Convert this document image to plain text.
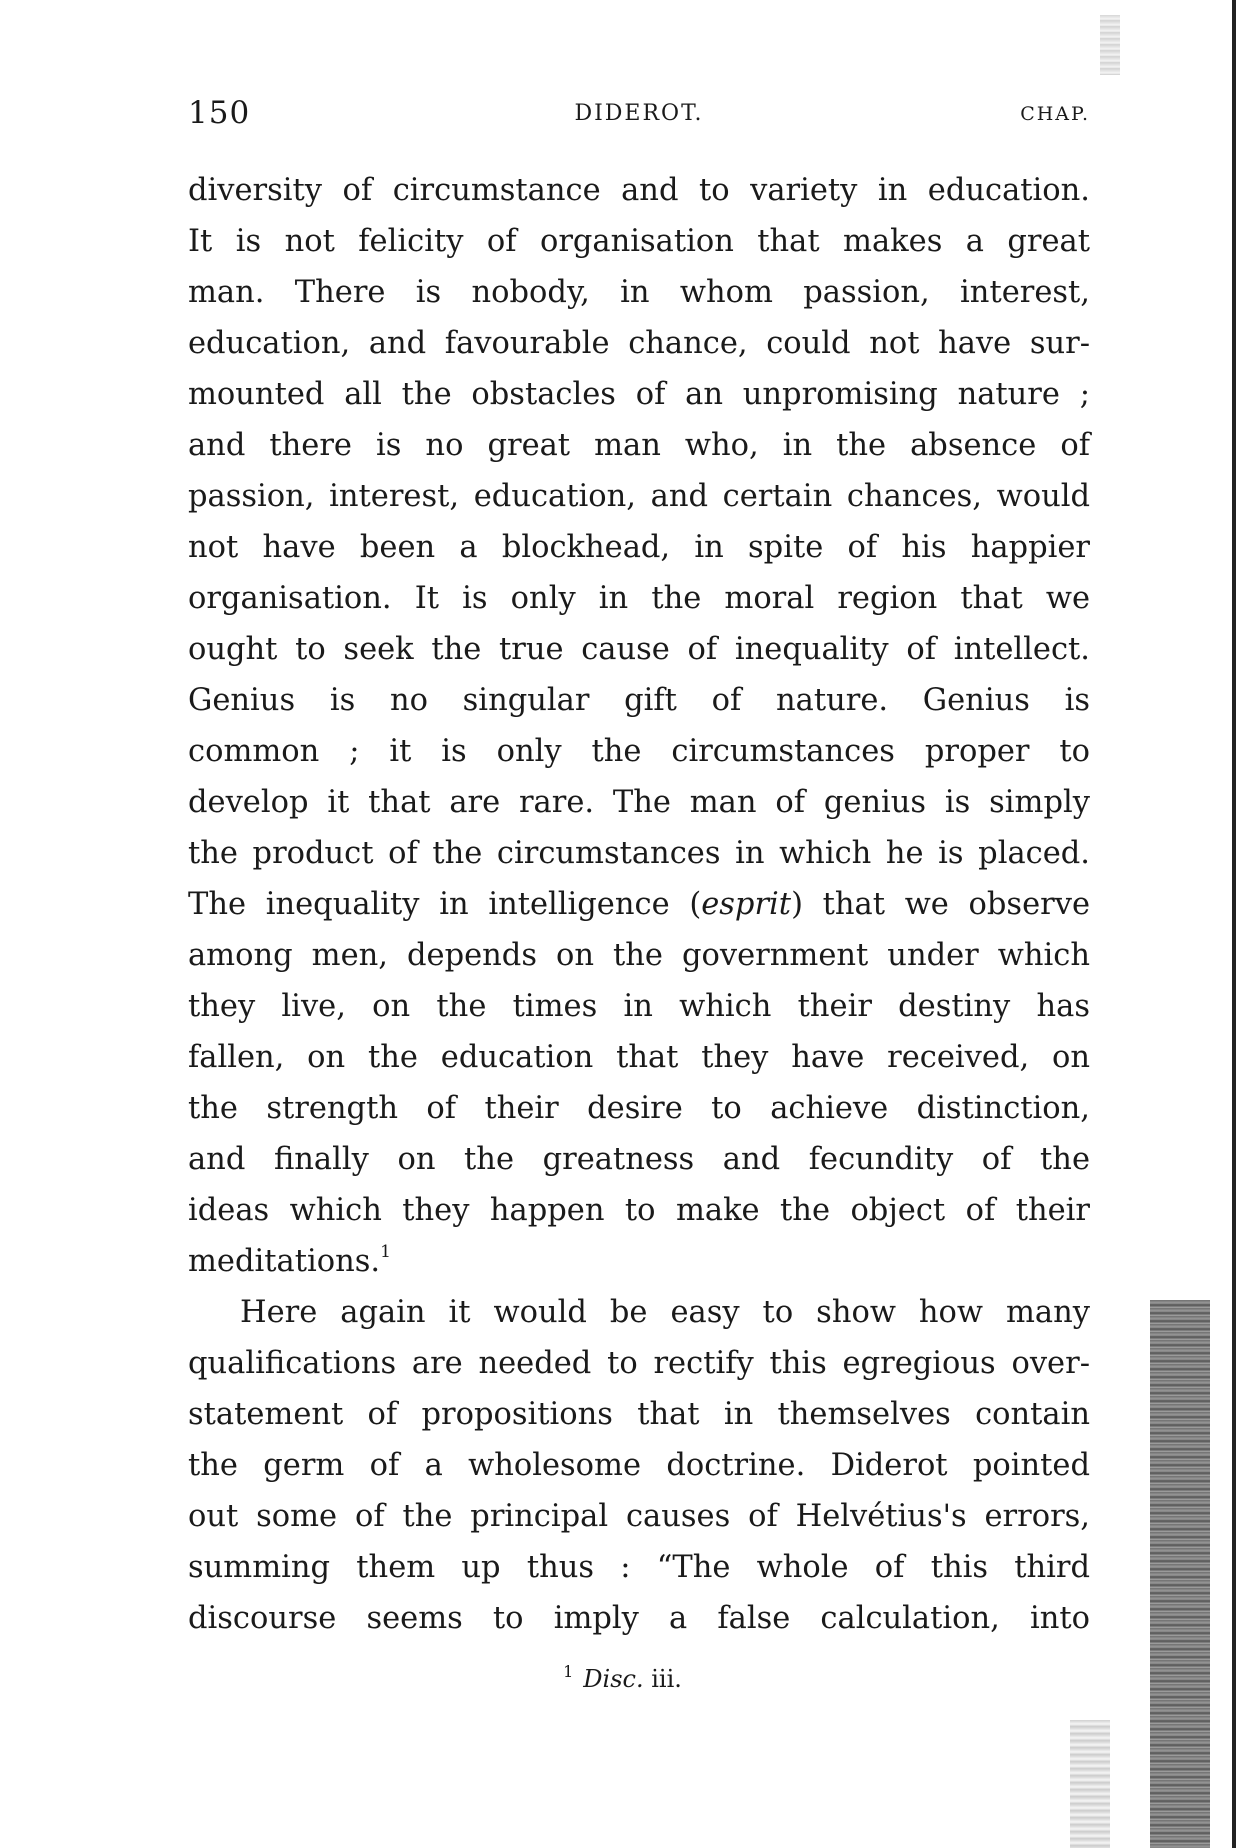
150	DIDEROT.	CHAP.
diversity of circumstance and to variety in education.
It is not felicity of organisation that makes a great
man. There is nobody, in whom passion, interest,
education, and favourable chance, could not have sur-
mounted all the obstacles of an unpromising nature ;
and there is no great man who, in the absence of
passion, interest, education, and certain chances, would
not have been a blockhead, in spite of his happier
organisation. It is only in the moral region that we
ought to seek the true cause of inequality of intellect.
Genius is no singular gift of nature. Genius is
common ; it is only the circumstances proper to
develop it that are rare. The man of genius is simply
the product of the circumstances in which he is placed.
The inequality in intelligence (esprit) that we observe
among men, depends on the government under which
they live, on the times in which their destiny has
fallen, on the education that they have received, on
the strength of their desire to achieve distinction,
and finally on the greatness and fecundity of the
ideas which they happen to make the object of their
meditations.$^1$
Here again it would be easy to show how many
qualifications are needed to rectify this egregious over-
statement of propositions that in themselves contain
the germ of a wholesome doctrine. Diderot pointed
out some of the principal causes of Helvétius's errors,
summing them up thus : “The whole of this third
discourse seems to imply a false calculation, into
$^1$ Disc. iii.
